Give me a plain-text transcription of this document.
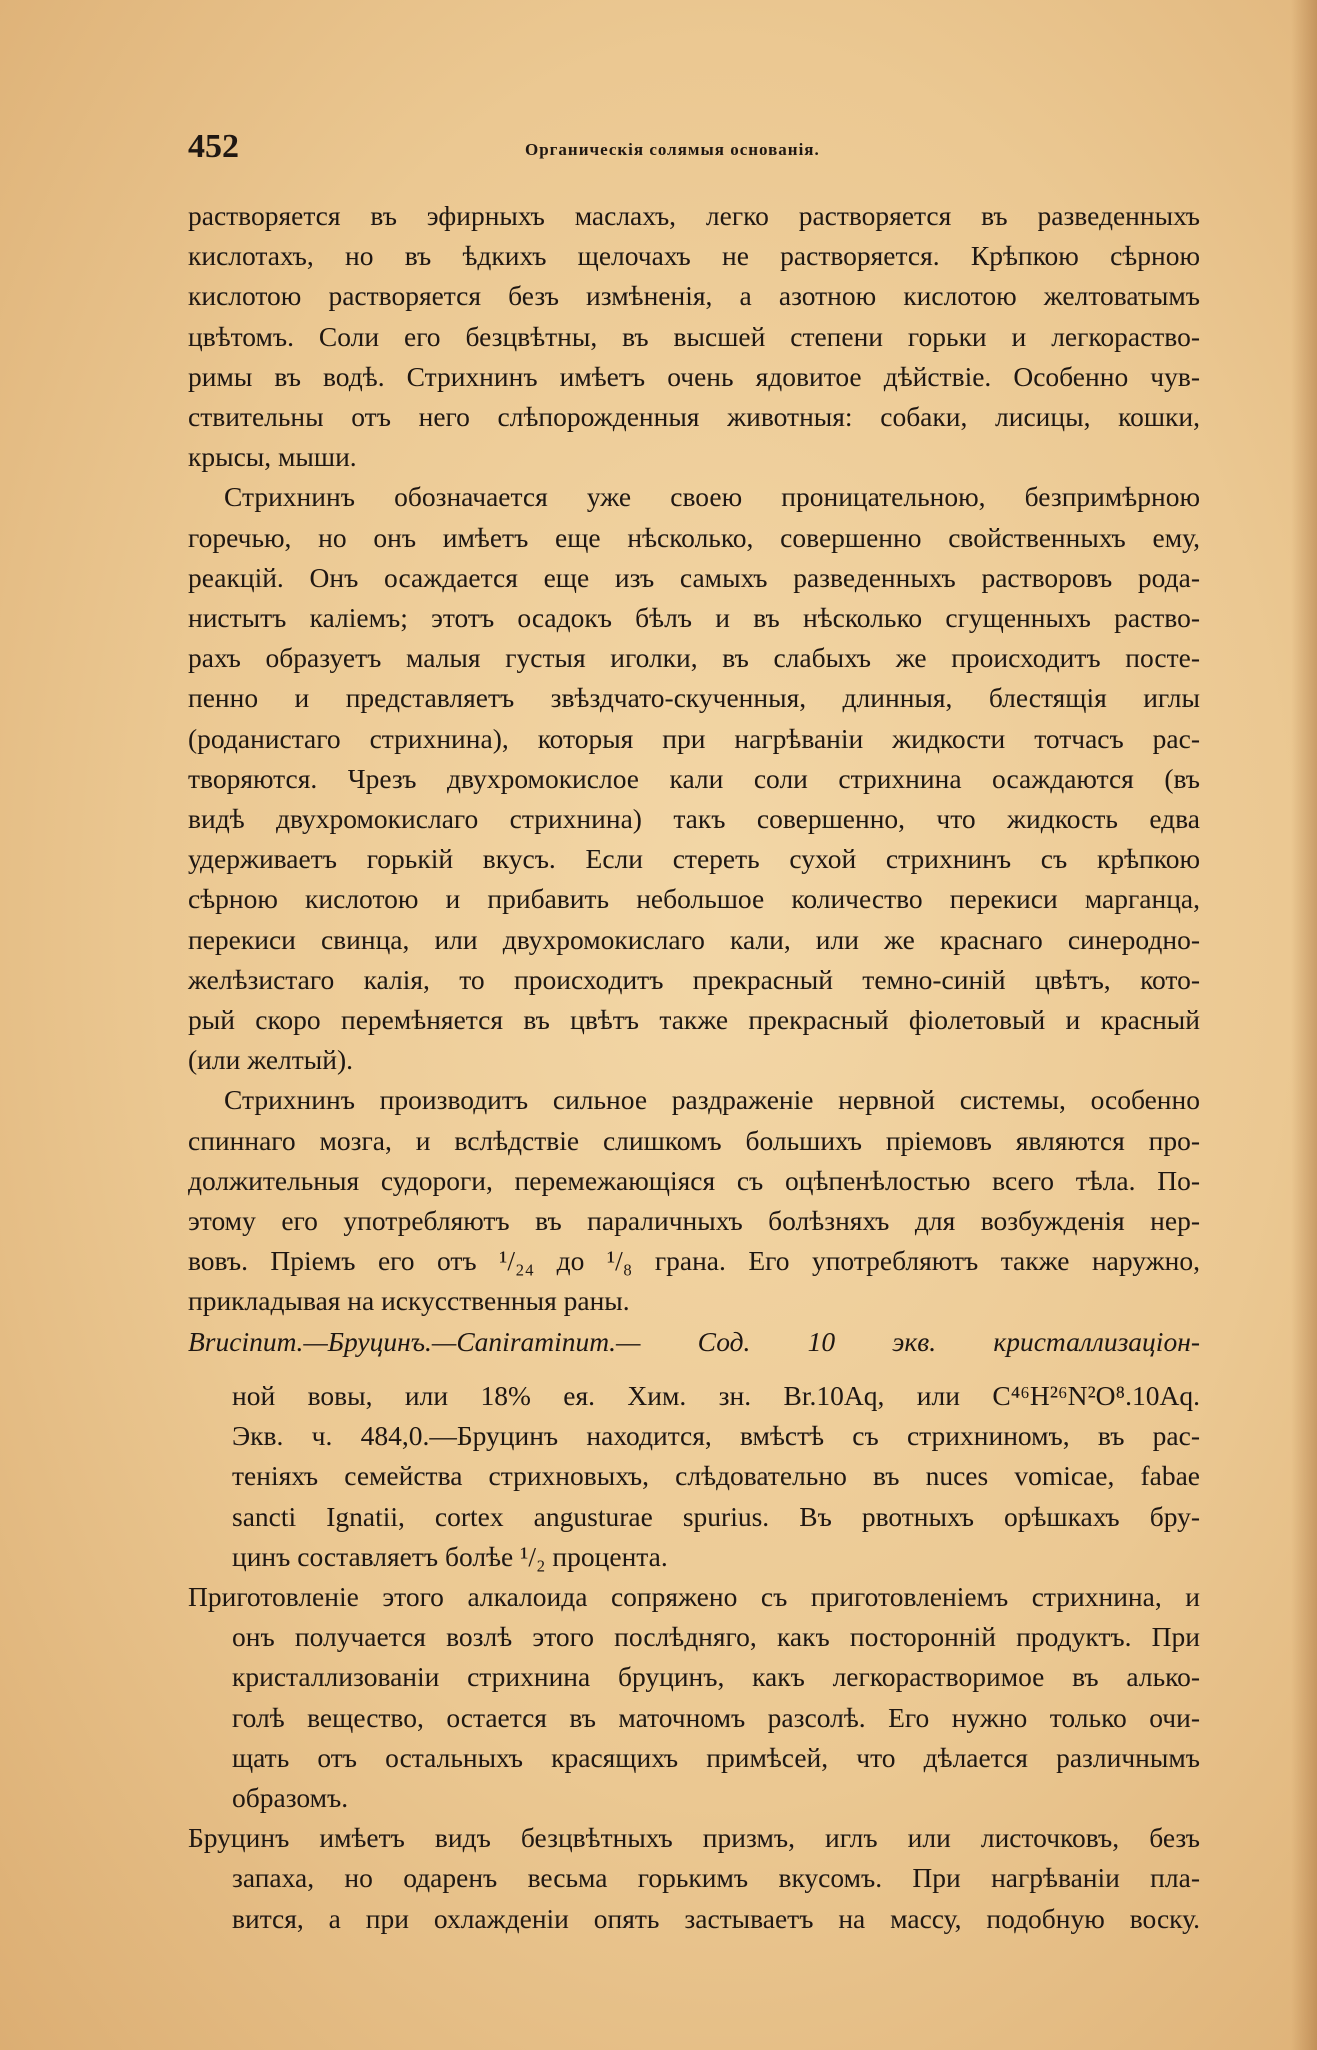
452	Органическія солямыя основанія.

растворяется въ эфирныхъ маслахъ, легко растворяется въ разведенныхъ
кислотахъ, но въ ѣдкихъ щелочахъ не растворяется. Крѣпкою сѣрною
кислотою растворяется безъ измѣненія, а азотною кислотою желтоватымъ
цвѣтомъ. Соли его безцвѣтны, въ высшей степени горьки и легкораство-
римы въ водѣ. Стрихнинъ имѣетъ очень ядовитое дѣйствіе. Особенно чув-
ствительны отъ него слѣпорожденныя животныя: собаки, лисицы, кошки,
крысы, мыши.

Стрихнинъ обозначается уже своею проницательною, безпримѣрною
горечью, но онъ имѣетъ еще нѣсколько, совершенно свойственныхъ ему,
реакцій. Онъ осаждается еще изъ самыхъ разведенныхъ растворовъ рода-
нистытъ каліемъ; этотъ осадокъ бѣлъ и въ нѣсколько сгущенныхъ раство-
рахъ образуетъ малыя густыя иголки, въ слабыхъ же происходитъ посте-
пенно и представляетъ звѣздчато-скученныя, длинныя, блестящія иглы
(роданистаго стрихнина), которыя при нагрѣваніи жидкости тотчасъ рас-
творяются. Чрезъ двухромокислое кали соли стрихнина осаждаются (въ
видѣ двухромокислаго стрихнина) такъ совершенно, что жидкость едва
удерживаетъ горькій вкусъ. Если стереть сухой стрихнинъ съ крѣпкою
сѣрною кислотою и прибавить небольшое количество перекиси марганца,
перекиси свинца, или двухромокислаго кали, или же краснаго синеродно-
желѣзистаго калія, то происходитъ прекрасный темно-синій цвѣтъ, кото-
рый скоро перемѣняется въ цвѣтъ также прекрасный фіолетовый и красный
(или желтый).

Стрихнинъ производитъ сильное раздраженіе нервной системы, особенно
спиннаго мозга, и вслѣдствіе слишкомъ большихъ пріемовъ являются про-
должительныя судороги, перемежающіяся съ оцѣпенѣлостью всего тѣла. По-
этому его употребляютъ въ параличныхъ болѣзняхъ для возбужденія нер-
вовъ. Пріемъ его отъ ¹/₂₄ до ¹/₈ грана. Его употребляютъ также наружно,
прикладывая на искусственныя раны.

Brucinum.—Бруцинъ.—Caniraminum.— Сод. 10 экв. кристаллизаціон-
ной вовы, или 18% ея. Хим. зн. Br.10Aq, или C⁴⁶H²⁶N²O⁸.10Aq.
Экв. ч. 484,0.—Бруцинъ находится, вмѣстѣ съ стрихниномъ, въ рас-
теніяхъ семейства стрихновыхъ, слѣдовательно въ nuces vomicae, fabae
sancti Ignatii, cortex angusturae spurius. Въ рвотныхъ орѣшкахъ бру-
цинъ составляетъ болѣе ¹/₂ процента.

Приготовленіе этого алкалоида сопряжено съ приготовленіемъ стрихнина, и
онъ получается возлѣ этого послѣдняго, какъ посторонній продуктъ. При
кристаллизованіи стрихнина бруцинъ, какъ легкорастворимое въ алько-
голѣ вещество, остается въ маточномъ разсолѣ. Его нужно только очи-
щать отъ остальныхъ красящихъ примѣсей, что дѣлается различнымъ
образомъ.

Бруцинъ имѣетъ видъ безцвѣтныхъ призмъ, иглъ или листочковъ, безъ
запаха, но одаренъ весьма горькимъ вкусомъ. При нагрѣваніи пла-
вится, а при охлажденіи опять застываетъ на массу, подобную воску.
